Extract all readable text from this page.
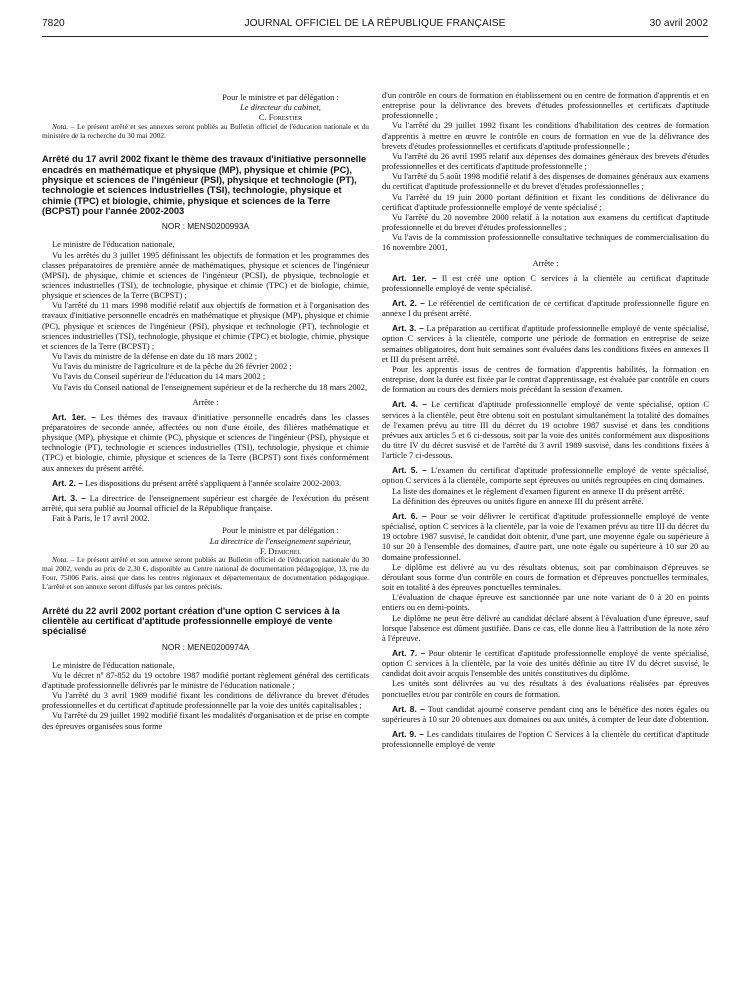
7820	JOURNAL OFFICIEL DE LA RÉPUBLIQUE FRANÇAISE	30 avril 2002
Pour le ministre et par délégation :
Le directeur du cabinet,
C. Forestier

Nota. – Le présent arrêté et ses annexes seront publiés au Bulletin officiel de l'éducation nationale et du ministère de la recherche du 30 mai 2002.

Arrêté du 17 avril 2002 fixant le thème des travaux d'initiative personnelle encadrés en mathématique et physique (MP), physique et chimie (PC), physique et sciences de l'ingénieur (PSI), physique et technologie (PT), technologie et sciences industrielles (TSI), technologie, physique et chimie (TPC) et biologie, chimie, physique et sciences de la Terre (BCPST) pour l'année 2002-2003
NOR : MENS0200993A

Le ministre de l'éducation nationale,

Vu les arrêtés du 3 juillet 1995 définissant les objectifs de formation et les programmes des classes préparatoires de première année de mathématiques, physique et sciences de l'ingénieur (MPSI), de physique, chimie et sciences de l'ingénieur (PCSI), de physique, technologie et sciences industrielles (TSI), de technologie, physique et chimie (TPC) et de biologie, chimie, physique et sciences de la Terre (BCPST) ;

Vu l'arrêté du 11 mars 1998 modifié relatif aux objectifs de formation et à l'organisation des travaux d'initiative personnelle encadrés en mathématique et physique (MP), physique et chimie (PC), physique et sciences de l'ingénieur (PSI), physique et technologie (PT), technologie et sciences industrielles (TSI), technologie, physique et chimie (TPC) et biologie, chimie, physique et sciences de la Terre (BCPST) ;

Vu l'avis du ministre de la défense en date du 18 mars 2002 ;

Vu l'avis du ministre de l'agriculture et de la pêche du 26 février 2002 ;

Vu l'avis du Conseil supérieur de l'éducation du 14 mars 2002 ;

Vu l'avis du Conseil national de l'enseignement supérieur et de la recherche du 18 mars 2002,

Arrête :

Art. 1er. – Les thèmes des travaux d'initiative personnelle encadrés dans les classes préparatoires de seconde année, affectées ou non d'une étoile, des filières mathématique et physique (MP), physique et chimie (PC), physique et sciences de l'ingénieur (PSI), physique et technologie (PT), technologie et sciences industrielles (TSI), technologie, physique et chimie (TPC) et biologie, chimie, physique et sciences de la Terre (BCPST) sont fixés conformément aux annexes du présent arrêté.

Art. 2. – Les dispositions du présent arrêté s'appliquent à l'année scolaire 2002-2003.

Art. 3. – La directrice de l'enseignement supérieur est chargée de l'exécution du présent arrêté, qui sera publié au Journal officiel de la République française.

Fait à Paris, le 17 avril 2002.

Pour le ministre et par délégation :
La directrice de l'enseignement supérieur,
F. Demichel

Nota. – Le présent arrêté et son annexe seront publiés au Bulletin officiel de l'éducation nationale du 30 mai 2002, vendu au prix de 2,30 €, disponible au Centre national de documentation pédagogique, 13, rue du Four, 75006 Paris, ainsi que dans les centres régionaux et départementaux de documentation pédagogique. L'arrêté et son annexe seront diffusés par les centres précités.

Arrêté du 22 avril 2002 portant création d'une option C services à la clientèle au certificat d'aptitude professionnelle employé de vente spécialisé
NOR : MENE0200974A

Le ministre de l'éducation nationale,

Vu le décret nº 87-852 du 19 octobre 1987 modifié portant règlement général des certificats d'aptitude professionnelle délivrés par le ministre de l'éducation nationale ;

Vu l'arrêté du 3 avril 1989 modifié fixant les conditions de délivrance du brevet d'études professionnelles et du certificat d'aptitude professionnelle par la voie des unités capitalisables ;

Vu l'arrêté du 29 juillet 1992 modifié fixant les modalités d'organisation et de prise en compte des épreuves organisées sous forme

d'un contrôle en cours de formation en établissement ou en centre de formation d'apprentis et en entreprise pour la délivrance des brevets d'études professionnelles et certificats d'aptitude professionnelle ;

Vu l'arrêté du 29 juillet 1992 fixant les conditions d'habilitation des centres de formation d'apprentis à mettre en œuvre le contrôle en cours de formation en vue de la délivrance des brevets d'études professionnelles et certificats d'aptitude professionnelle ;

Vu l'arrêté du 26 avril 1995 relatif aux dépenses des domaines généraux des brevets d'études professionnelles et des certificats d'aptitude professionnelle ;

Vu l'arrêté du 5 août 1998 modifié relatif à des dispenses de domaines généraux aux examens du certificat d'aptitude professionnelle et du brevet d'études professionnelles ;

Vu l'arrêté du 19 juin 2000 portant définition et fixant les conditions de délivrance du certificat d'aptitude professionnelle employé de vente spécialisé ;

Vu l'arrêté du 20 novembre 2000 relatif à la notation aux examens du certificat d'aptitude professionnelle et du brevet d'études professionnelles ;

Vu l'avis de la commission professionnelle consultative techniques de commercialisation du 16 novembre 2001,

Arrête :

Art. 1er. – Il est créé une option C services à la clientèle au certificat d'aptitude professionnelle employé de vente spécialisé.

Art. 2. – Le référentiel de certification de ce certificat d'aptitude professionnelle figure en annexe I du présent arrêté.

Art. 3. – La préparation au certificat d'aptitude professionnelle employé de vente spécialisé, option C services à la clientèle, comporte une période de formation en entreprise de seize semaines obligatoires, dont huit semaines sont évaluées dans les conditions fixées en annexes II et III du présent arrêté.

Pour les apprentis issus de centres de formation d'apprentis habilités, la formation en entreprise, dont la durée est fixée par le contrat d'apprentissage, est évaluée par contrôle en cours de formation au cours des derniers mois précédant la session d'examen.

Art. 4. – Le certificat d'aptitude professionnelle employé de vente spécialisé, option C services à la clientèle, peut être obtenu soit en postulant simultanément la totalité des domaines de l'examen prévu au titre III du décret du 19 octobre 1987 susvisé et dans les conditions prévues aux articles 5 et 6 ci-dessous, soit par la voie des unités conformément aux dispositions du titre IV du décret susvisé et de l'arrêté du 3 avril 1989 susvisé, dans les conditions fixées à l'article 7 ci-dessous.

Art. 5. – L'examen du certificat d'aptitude professionnelle employé de vente spécialisé, option C services à la clientèle, comporte sept épreuves ou unités regroupées en cinq domaines.

La liste des domaines et le règlement d'examen figurent en annexe II du présent arrêté.

La définition des épreuves ou unités figure en annexe III du présent arrêté.

Art. 6. – Pour se voir délivrer le certificat d'aptitude professionnelle employé de vente spécialisé, option C services à la clientèle, par la voie de l'examen prévu au titre III du décret du 19 octobre 1987 susvisé, le candidat doit obtenir, d'une part, une moyenne égale ou supérieure à 10 sur 20 à l'ensemble des domaines, d'autre part, une note égale ou supérieure à 10 sur 20 au domaine professionnel.

Le diplôme est délivré au vu des résultats obtenus, soit par combinaison d'épreuves se déroulant sous forme d'un contrôle en cours de formation et d'épreuves ponctuelles terminales, soit en totalité à des épreuves ponctuelles terminales.

L'évaluation de chaque épreuve est sanctionnée par une note variant de 0 à 20 en points entiers ou en demi-points.

Le diplôme ne peut être délivré au candidat déclaré absent à l'évaluation d'une épreuve, sauf lorsque l'absence est dûment justifiée. Dans ce cas, elle donne lieu à l'attribution de la note zéro à l'épreuve.

Art. 7. – Pour obtenir le certificat d'aptitude professionnelle employé de vente spécialisé, option C services à la clientèle, par la voie des unités définie au titre IV du décret susvisé, le candidat doit avoir acquis l'ensemble des unités constitutives du diplôme.

Les unités sont délivrées au vu des résultats à des évaluations réalisées par épreuves ponctuelles et/ou par contrôle en cours de formation.

Art. 8. – Tout candidat ajourné conserve pendant cinq ans le bénéfice des notes égales ou supérieures à 10 sur 20 obtenues aux domaines ou aux unités, à compter de leur date d'obtention.

Art. 9. – Les candidats titulaires de l'option C Services à la clientèle du certificat d'aptitude professionnelle employé de vente
